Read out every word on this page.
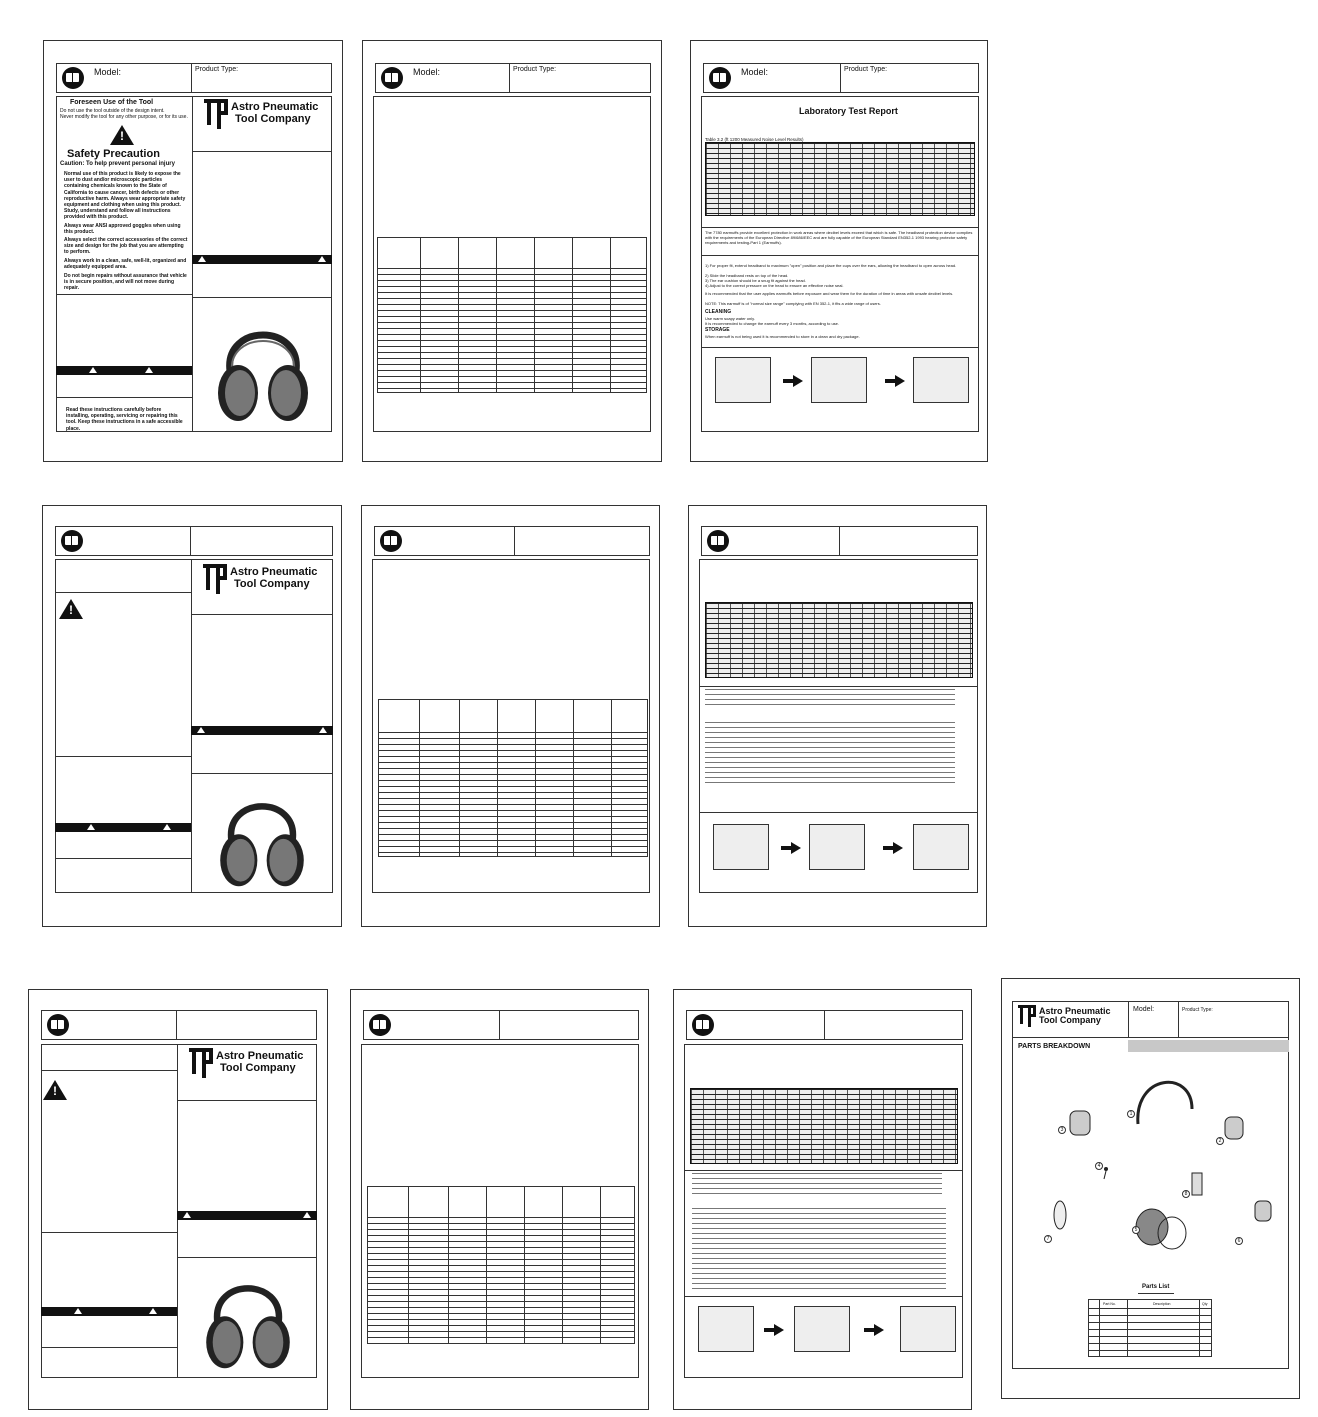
Model:	Product Type:
Foreseen Use of the Tool
Do not use the tool outside of the design intent.
Never modify the tool for any other purpose, or for its use.
!
Safety Precaution
Caution: To help prevent personal injury
Normal use of this product is likely to expose the user to dust and/or microscopic particles containing chemicals known to the State of California to cause cancer, birth defects or other reproductive harm. Always wear appropriate safety equipment and clothing when using this product. Study, understand and follow all instructions provided with this product.
Always wear ANSI approved goggles when using this product.
Always select the correct accessories of the correct size and design for the job that you are attempting to perform.
Always work in a clean, safe, well-lit, organized and adequately equipped area.
Do not begin repairs without assurance that vehicle is in secure position, and will not move during repair.
Read these instructions carefully before installing, operating, servicing or repairing this tool. Keep these instructions in a safe accessible place.
Astro Pneumatic
Tool Company
Model:	Product Type:	Model:	Product Type:
Laboratory Test Report
Table 3.2 (ft 1200 Measured Noise Level Results)
The 7780 earmuffs provide excellent protection in work areas where decibel levels exceed that which is safe. The headband protection device complies with the requirements of the European Directive 89/686/EEC and are fully capable of the European Standard EN352-1 1993 hearing protector safety requirements and testing-Part 1 (Earmuffs).
1) For proper fit, extend headband to maximum "open" position and place the cups over the ears, allowing the headband to open across head.
2) Slide the headband rests on top of the head.
3) The ear cushion should be a snug fit against the head.
4) Adjust to the correct pressure on the head to ensure an effective noise seal.
It is recommended that the user applies earmuffs before exposure and wear them for the duration of time in areas with unsafe decibel levels.
NOTE: This earmuff is of "normal size range" complying with EN 352-1, it fits a wide range of users.
CLEANING
Use warm soapy water only.
It is recommended to change the earmuff every 3 months, according to use.
STORAGE
When earmuff is not being used it is recommended to store in a clean and dry package.
!
Astro Pneumatic
Tool Company
!
Astro Pneumatic
Tool Company
Astro Pneumatic
Tool Company
Model:	Product Type:
PARTS BREAKDOWN
1
2
3
4
5
6
7
8
Parts List
Part No.	Description	Qty
